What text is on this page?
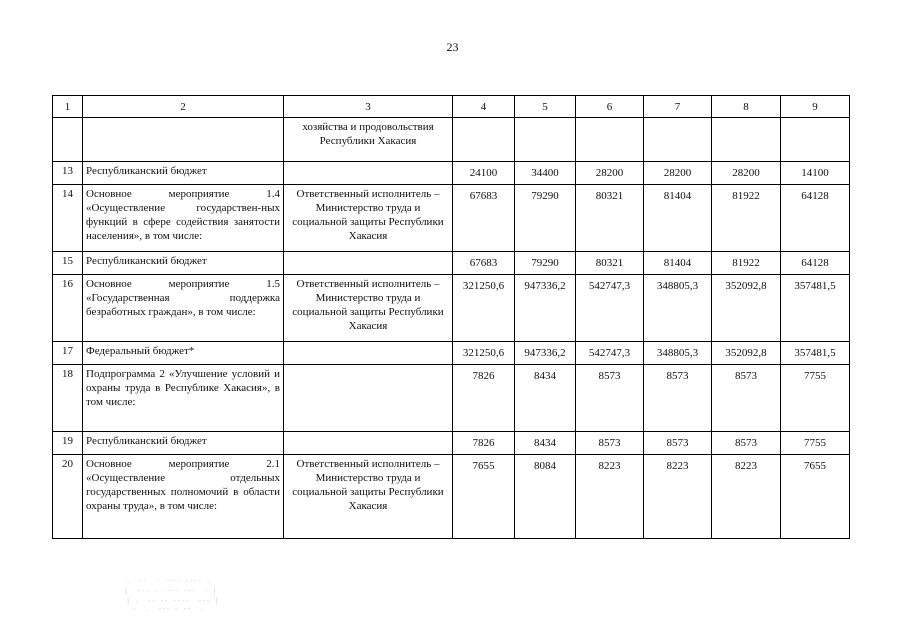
23
1	2	3	4	5	6	7	8	9
		хозяйства и продовольствия Республики Хакасия						
13	Республиканский бюджет		24100	34400	28200	28200	28200	14100
14	Основное мероприятие 1.4 «Осуществление государствен-ных функций в сфере содействия занятости населения», в том числе:	Ответственный исполнитель – Министерство труда и социальной защиты Республики Хакасия	67683	79290	80321	81404	81922	64128
15	Республиканский бюджет		67683	79290	80321	81404	81922	64128
16	Основное мероприятие 1.5 «Государственная поддержка безработных граждан», в том числе:	Ответственный исполнитель – Министерство труда и социальной защиты Республики Хакасия	321250,6	947336,2	542747,3	348805,3	352092,8	357481,5
17	Федеральный бюджет*		321250,6	947336,2	542747,3	348805,3	352092,8	357481,5
18	Подпрограмма 2 «Улучшение условий и охраны труда в Республике Хакасия», в том числе:		7826	8434	8573	8573	8573	7755
19	Республиканский бюджет		7826	8434	8573	8573	8573	7755
20	Основное мероприятие 2.1 «Осуществление отдельных государственных полномочий в области охраны труда», в том числе:	Ответственный исполнитель – Министерство труда и социальной защиты Республики Хакасия	7655	8084	8223	8223	8223	7655
.  --  - ---- ---- .
|  --- - ---- ---  - |
| .  -- -- ----  --- |
-  .  --- - --  .
